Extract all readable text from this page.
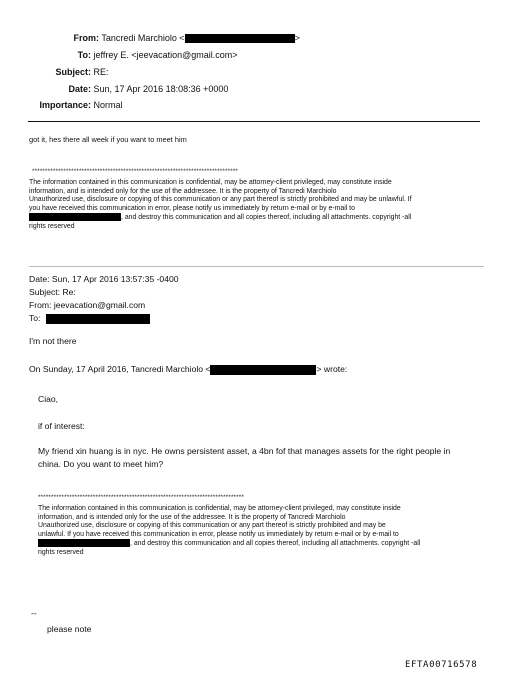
From: Tancredi Marchiolo <	>
To: jeffrey E. <jeevacation@gmail.com>
Subject: RE:
Date: Sun, 17 Apr 2016 18:08:36 +0000
Importance: Normal
got it, hes there all week if you want to meet him
*******************************************************************************
The information contained in this communication is confidential, may be attorney-client privileged, may constitute inside
information, and is intended only for the use of the addressee. It is the property of Tancredi Marchiolo
Unauthorized use, disclosure or copying of this communication or any part thereof is strictly prohibited and may be unlawful. If
you have received this communication in error, please notify us immediately by return e-mail or by e-mail to
, and destroy this communication and all copies thereof, including all attachments. copyright -all
rights reserved
Date: Sun, 17 Apr 2016 13:57:35 -0400
Subject: Re:
From: jeevacation@gmail.com
To:
I'm not there
On Sunday, 17 April 2016, Tancredi Marchiolo <	> wrote:
Ciao,
if of interest:
My friend xin huang is in nyc. He owns persistent asset, a 4bn fof that manages assets for the right people in
china. Do you want to meet him?
*******************************************************************************
The information contained in this communication is confidential, may be attorney-client privileged, may constitute inside
information, and is intended only for the use of the addressee. It is the property of Tancredi Marchiolo
Unauthorized use, disclosure or copying of this communication or any part thereof is strictly prohibited and may be
unlawful. If you have received this communication in error, please notify us immediately by return e-mail or by e-mail to
, and destroy this communication and all copies thereof, including all attachments. copyright -all
rights reserved
--
please note
EFTA00716578
